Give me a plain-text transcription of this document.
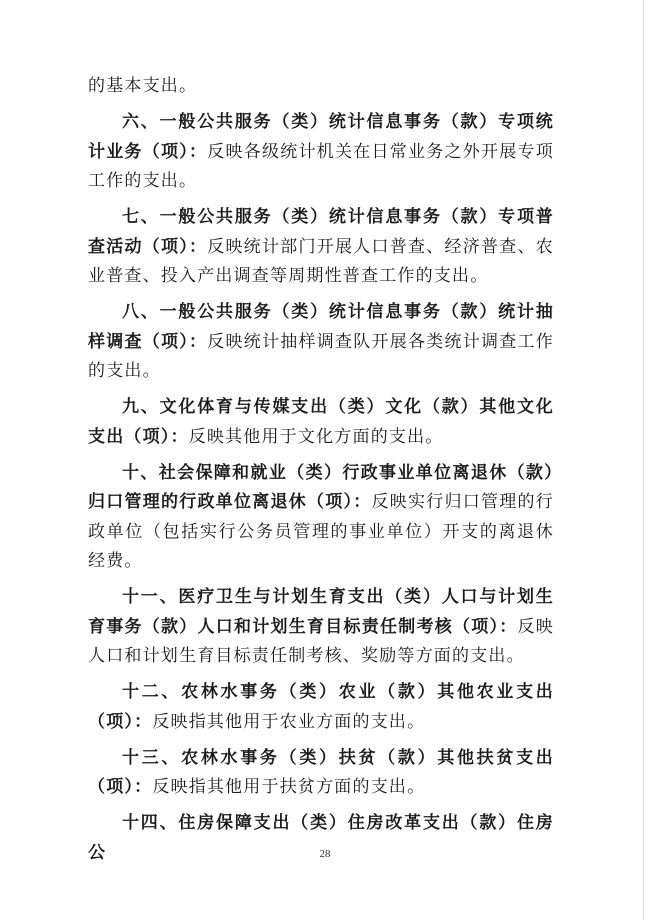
的基本支出。

六、一般公共服务（类）统计信息事务（款）专项统计业务（项）：反映各级统计机关在日常业务之外开展专项工作的支出。

七、一般公共服务（类）统计信息事务（款）专项普查活动（项）：反映统计部门开展人口普查、经济普查、农业普查、投入产出调查等周期性普查工作的支出。

八、一般公共服务（类）统计信息事务（款）统计抽样调查（项）：反映统计抽样调查队开展各类统计调查工作的支出。

九、文化体育与传媒支出（类）文化（款）其他文化支出（项）：反映其他用于文化方面的支出。

十、社会保障和就业（类）行政事业单位离退休（款）归口管理的行政单位离退休（项）：反映实行归口管理的行政单位（包括实行公务员管理的事业单位）开支的离退休经费。

十一、医疗卫生与计划生育支出（类）人口与计划生育事务（款）人口和计划生育目标责任制考核（项）：反映人口和计划生育目标责任制考核、奖励等方面的支出。

十二、农林水事务（类）农业（款）其他农业支出（项）：反映指其他用于农业方面的支出。

十三、农林水事务（类）扶贫（款）其他扶贫支出（项）：反映指其他用于扶贫方面的支出。

十四、住房保障支出（类）住房改革支出（款）住房公	28
